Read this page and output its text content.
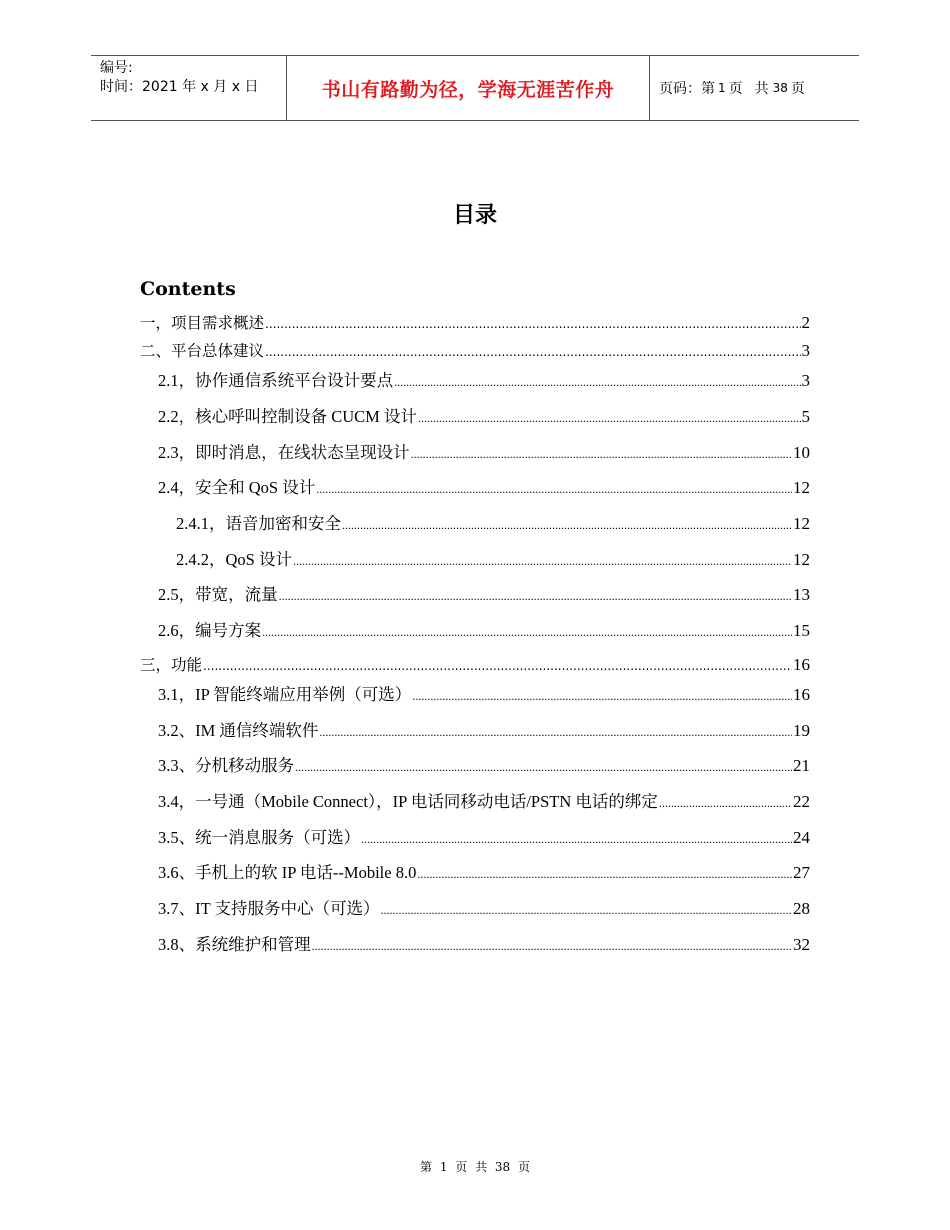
编号:
时间：2021 年 x 月 x 日	书山有路勤为径，学海无涯苦作舟	页码：第 1 页 共 38 页
目录
Contents
一，项目需求概述 .....	2
二、平台总体建议 .....	3
2.1，协作通信系统平台设计要点 .....	3
2.2，核心呼叫控制设备 CUCM 设计 .....	5
2.3，即时消息，在线状态呈现设计 .....	10
2.4，安全和 QoS 设计 .....	12
2.4.1，语音加密和安全 .....	12
2.4.2，QoS 设计 .....	12
2.5，带宽，流量 .....	13
2.6，编号方案 .....	15
三，功能 .....	16
3.1，IP 智能终端应用举例（可选） .....	16
3.2、IM 通信终端软件 .....	19
3.3、分机移动服务 .....	21
3.4，一号通（Mobile Connect），IP 电话同移动电话/PSTN 电话的绑定 .....	22
3.5、统一消息服务（可选） .....	24
3.6、手机上的软 IP 电话--Mobile 8.0 .....	27
3.7、IT 支持服务中心（可选） .....	28
3.8、系统维护和管理 .....	32
第 1 页 共 38 页
